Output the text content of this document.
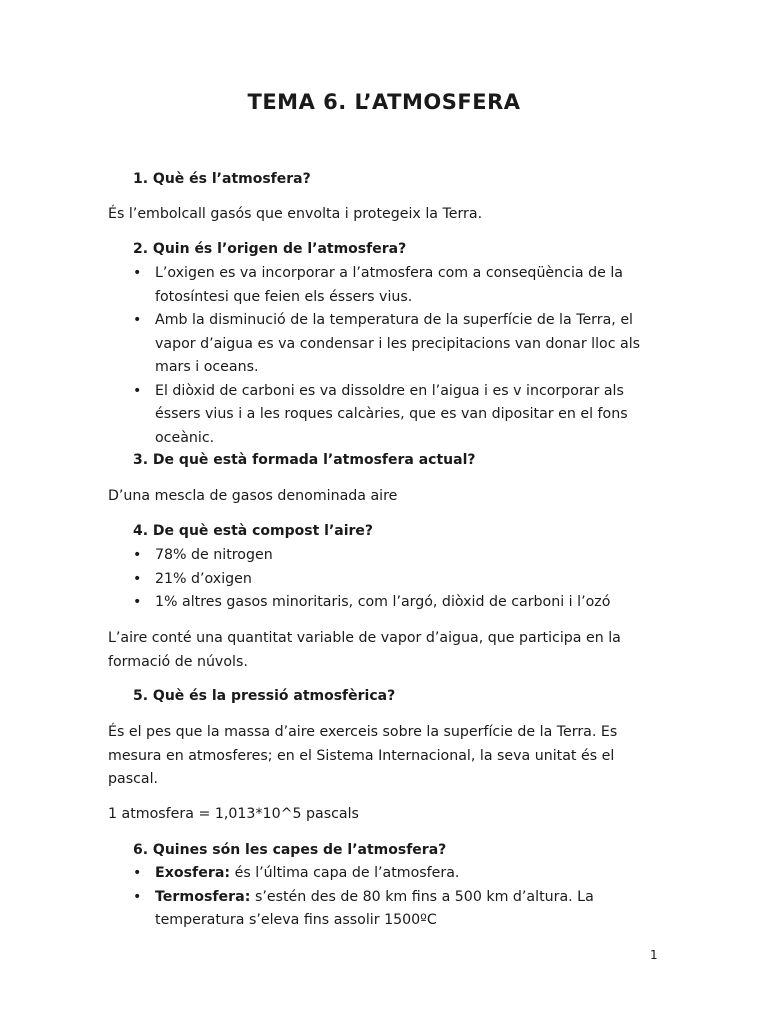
TEMA 6. L’ATMOSFERA

1. Què és l’atmosfera?

És l’embolcall gasós que envolta i protegeix la Terra.

2. Quin és l’origen de l’atmosfera?

• L’oxigen es va incorporar a l’atmosfera com a conseqüència de la fotosíntesi que feien els éssers vius.
• Amb la disminució de la temperatura de la superfície de la Terra, el vapor d’aigua es va condensar i les precipitacions van donar lloc als mars i oceans.
• El diòxid de carboni es va dissoldre en l’aigua i es v incorporar als éssers vius i a les roques calcàries, que es van dipositar en el fons oceànic.

3. De què està formada l’atmosfera actual?

D’una mescla de gasos denominada aire

4. De què està compost l’aire?

• 78% de nitrogen
• 21% d’oxigen
• 1% altres gasos minoritaris, com l’argó, diòxid de carboni i l’ozó

L’aire conté una quantitat variable de vapor d’aigua, que participa en la formació de núvols.

5. Què és la pressió atmosfèrica?

És el pes que la massa d’aire exerceis sobre la superfície de la Terra. Es mesura en atmosferes; en el Sistema Internacional, la seva unitat és el pascal.

1 atmosfera = 1,013*10^5 pascals

6. Quines són les capes de l’atmosfera?

• Exosfera: és l’última capa de l’atmosfera.
• Termosfera: s’estén des de 80 km fins a 500 km d’altura. La temperatura s’eleva fins assolir 1500ºC
1
